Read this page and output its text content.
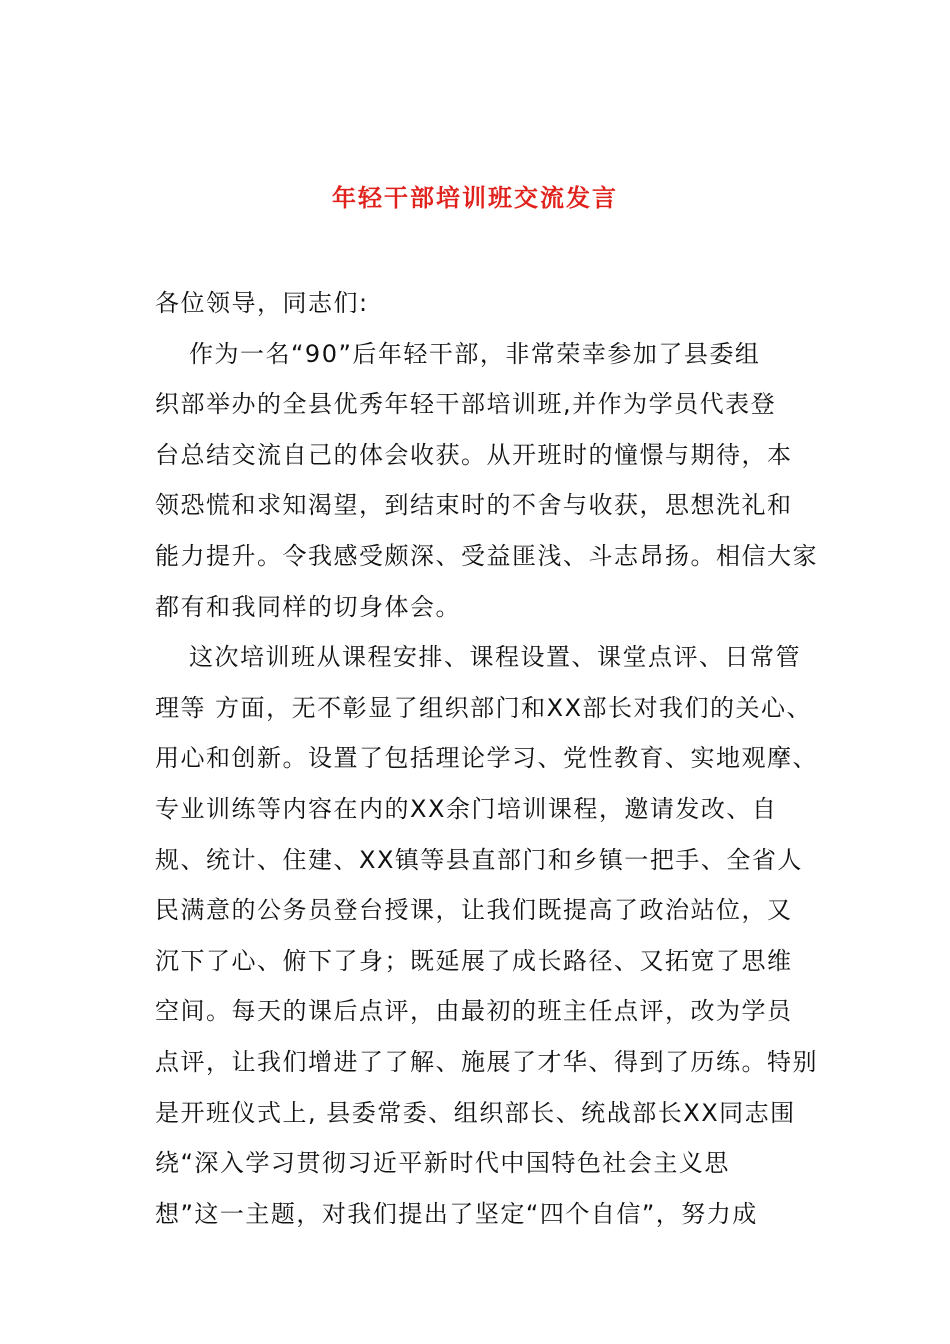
年轻干部培训班交流发言
各位领导，同志们:
作为一名“90”后年轻干部，非常荣幸参加了县委组
织部举办的全县优秀年轻干部培训班,并作为学员代表登
台总结交流自己的体会收获。从开班时的憧憬与期待，本
领恐慌和求知渴望，到结束时的不舍与收获，思想洗礼和
能力提升。令我感受颇深、受益匪浅、斗志昂扬。相信大家
都有和我同样的切身体会。
这次培训班从课程安排、课程设置、课堂点评、日常管
理等 方面，无不彰显了组织部门和XX部长对我们的关心、
用心和创新。设置了包括理论学习、党性教育、实地观摩、
专业训练等内容在内的XX余门培训课程，邀请发改、自
规、统计、住建、XX镇等县直部门和乡镇一把手、全省人
民满意的公务员登台授课，让我们既提高了政治站位，又
沉下了心、俯下了身；既延展了成长路径、又拓宽了思维
空间。每天的课后点评，由最初的班主任点评，改为学员
点评，让我们增进了了解、施展了才华、得到了历练。特别
是开班仪式上, 县委常委、组织部长、统战部长XX同志围
绕“深入学习贯彻习近平新时代中国特色社会主义思
想”这一主题，对我们提出了坚定“四个自信”，努力成
